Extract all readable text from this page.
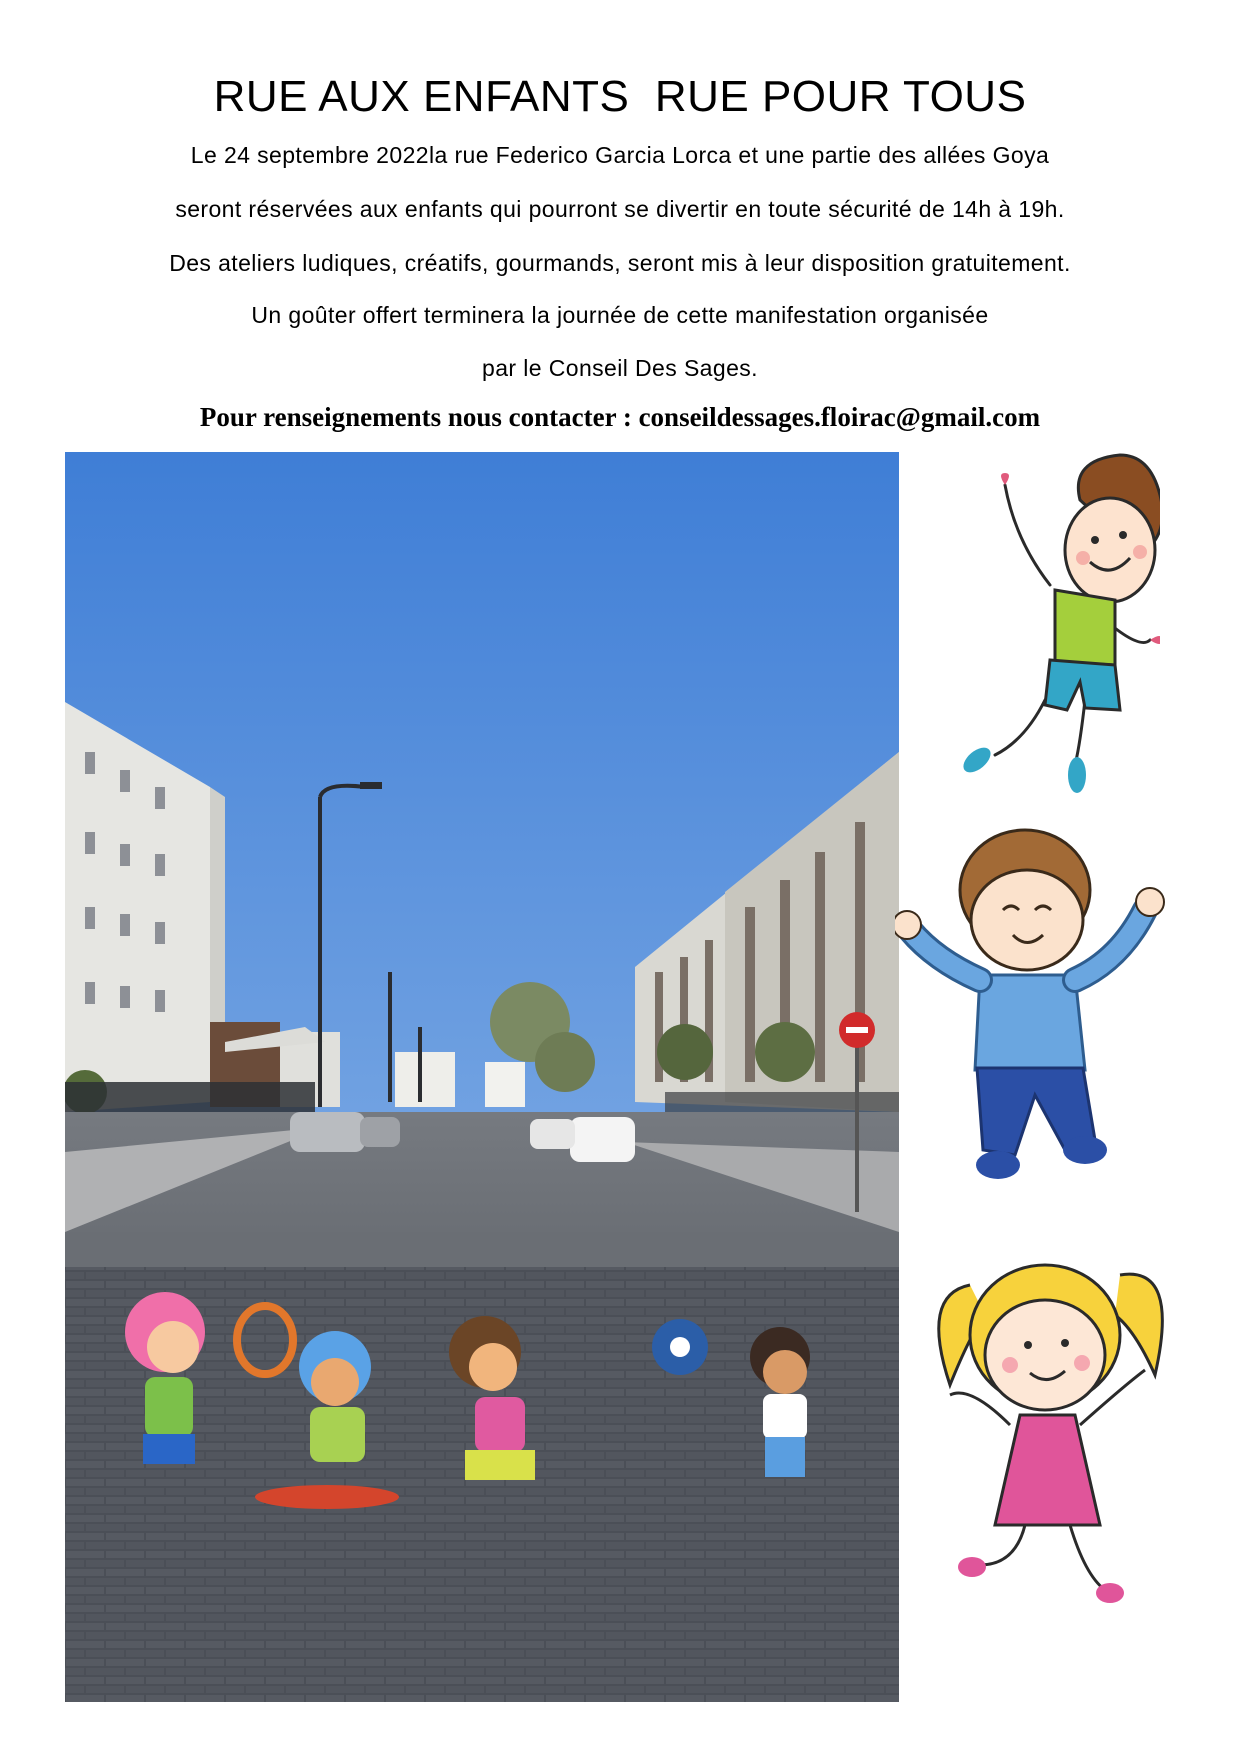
RUE AUX ENFANTS  RUE POUR TOUS
Le 24 septembre 2022la rue Federico Garcia Lorca et une partie des allées Goya
seront réservées aux enfants qui pourront se divertir en toute sécurité de 14h à 19h.
Des ateliers ludiques, créatifs, gourmands, seront mis à leur disposition gratuitement.
Un goûter offert terminera la journée de cette manifestation organisée
par le Conseil Des Sages.
Pour renseignements nous contacter : conseildessages.floirac@gmail.com
